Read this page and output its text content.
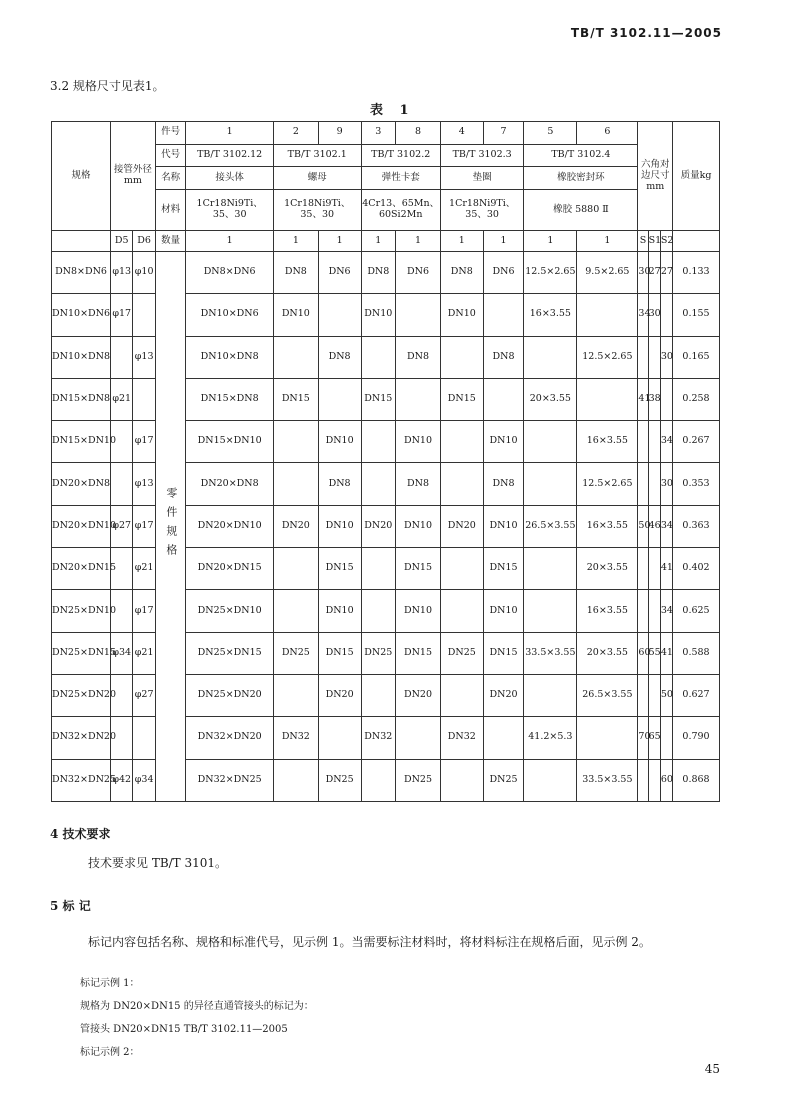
TB/T 3102.11—2005
3.2 规格尺寸见表1。
表 1
规格	接管外径mm		件号	1	2	9	3	8	4	7	5	6	六角对边尺寸mm			质量kg
			代号	TB/T 3102.12	TB/T 3102.1		TB/T 3102.2		TB/T 3102.3		TB/T 3102.4					
			名称	接头体	螺母		弹性卡套		垫圈		橡胶密封环					
			材料	1Cr18Ni9Ti、35、30	1Cr18Ni9Ti、35、30		4Cr13、65Mn、60Si2Mn		1Cr18Ni9Ti、35、30		橡胶 5880 Ⅱ					
	D5	D6	数量	1	1	1	1	1	1	1	1	1	S	S1	S2	
DN8×DN6	φ13	φ10	零件规格	DN8×DN6	DN8	DN6	DN8	DN6	DN8	DN6	12.5×2.65	9.5×2.65	30	27	27	0.133
DN10×DN6	φ17			DN10×DN6	DN10		DN10		DN10		16×3.55		34	30		0.155
DN10×DN8		φ13		DN10×DN8		DN8		DN8		DN8		12.5×2.65			30	0.165
DN15×DN8	φ21			DN15×DN8	DN15		DN15		DN15		20×3.55		41	38		0.258
DN15×DN10		φ17		DN15×DN10		DN10		DN10		DN10		16×3.55			34	0.267
DN20×DN8		φ13		DN20×DN8		DN8		DN8		DN8		12.5×2.65			30	0.353
DN20×DN10	φ27	φ17		DN20×DN10	DN20	DN10	DN20	DN10	DN20	DN10	26.5×3.55	16×3.55	50	46	34	0.363
DN20×DN15		φ21		DN20×DN15		DN15		DN15		DN15		20×3.55			41	0.402
DN25×DN10		φ17		DN25×DN10		DN10		DN10		DN10		16×3.55			34	0.625
DN25×DN15	φ34	φ21		DN25×DN15	DN25	DN15	DN25	DN15	DN25	DN15	33.5×3.55	20×3.55	60	55	41	0.588
DN25×DN20		φ27		DN25×DN20		DN20		DN20		DN20		26.5×3.55			50	0.627
DN32×DN20				DN32×DN20	DN32		DN32		DN32		41.2×5.3		70	65		0.790
DN32×DN25	φ42	φ34		DN32×DN25		DN25		DN25		DN25		33.5×3.55			60	0.868
4 技术要求
技术要求见 TB/T 3101。
5 标 记
标记内容包括名称、规格和标准代号，见示例 1。当需要标注材料时，将材料标注在规格后面，见示例 2。
标记示例 1：
规格为 DN20×DN15 的异径直通管接头的标记为：
管接头 DN20×DN15 TB/T 3102.11—2005
标记示例 2：
45
